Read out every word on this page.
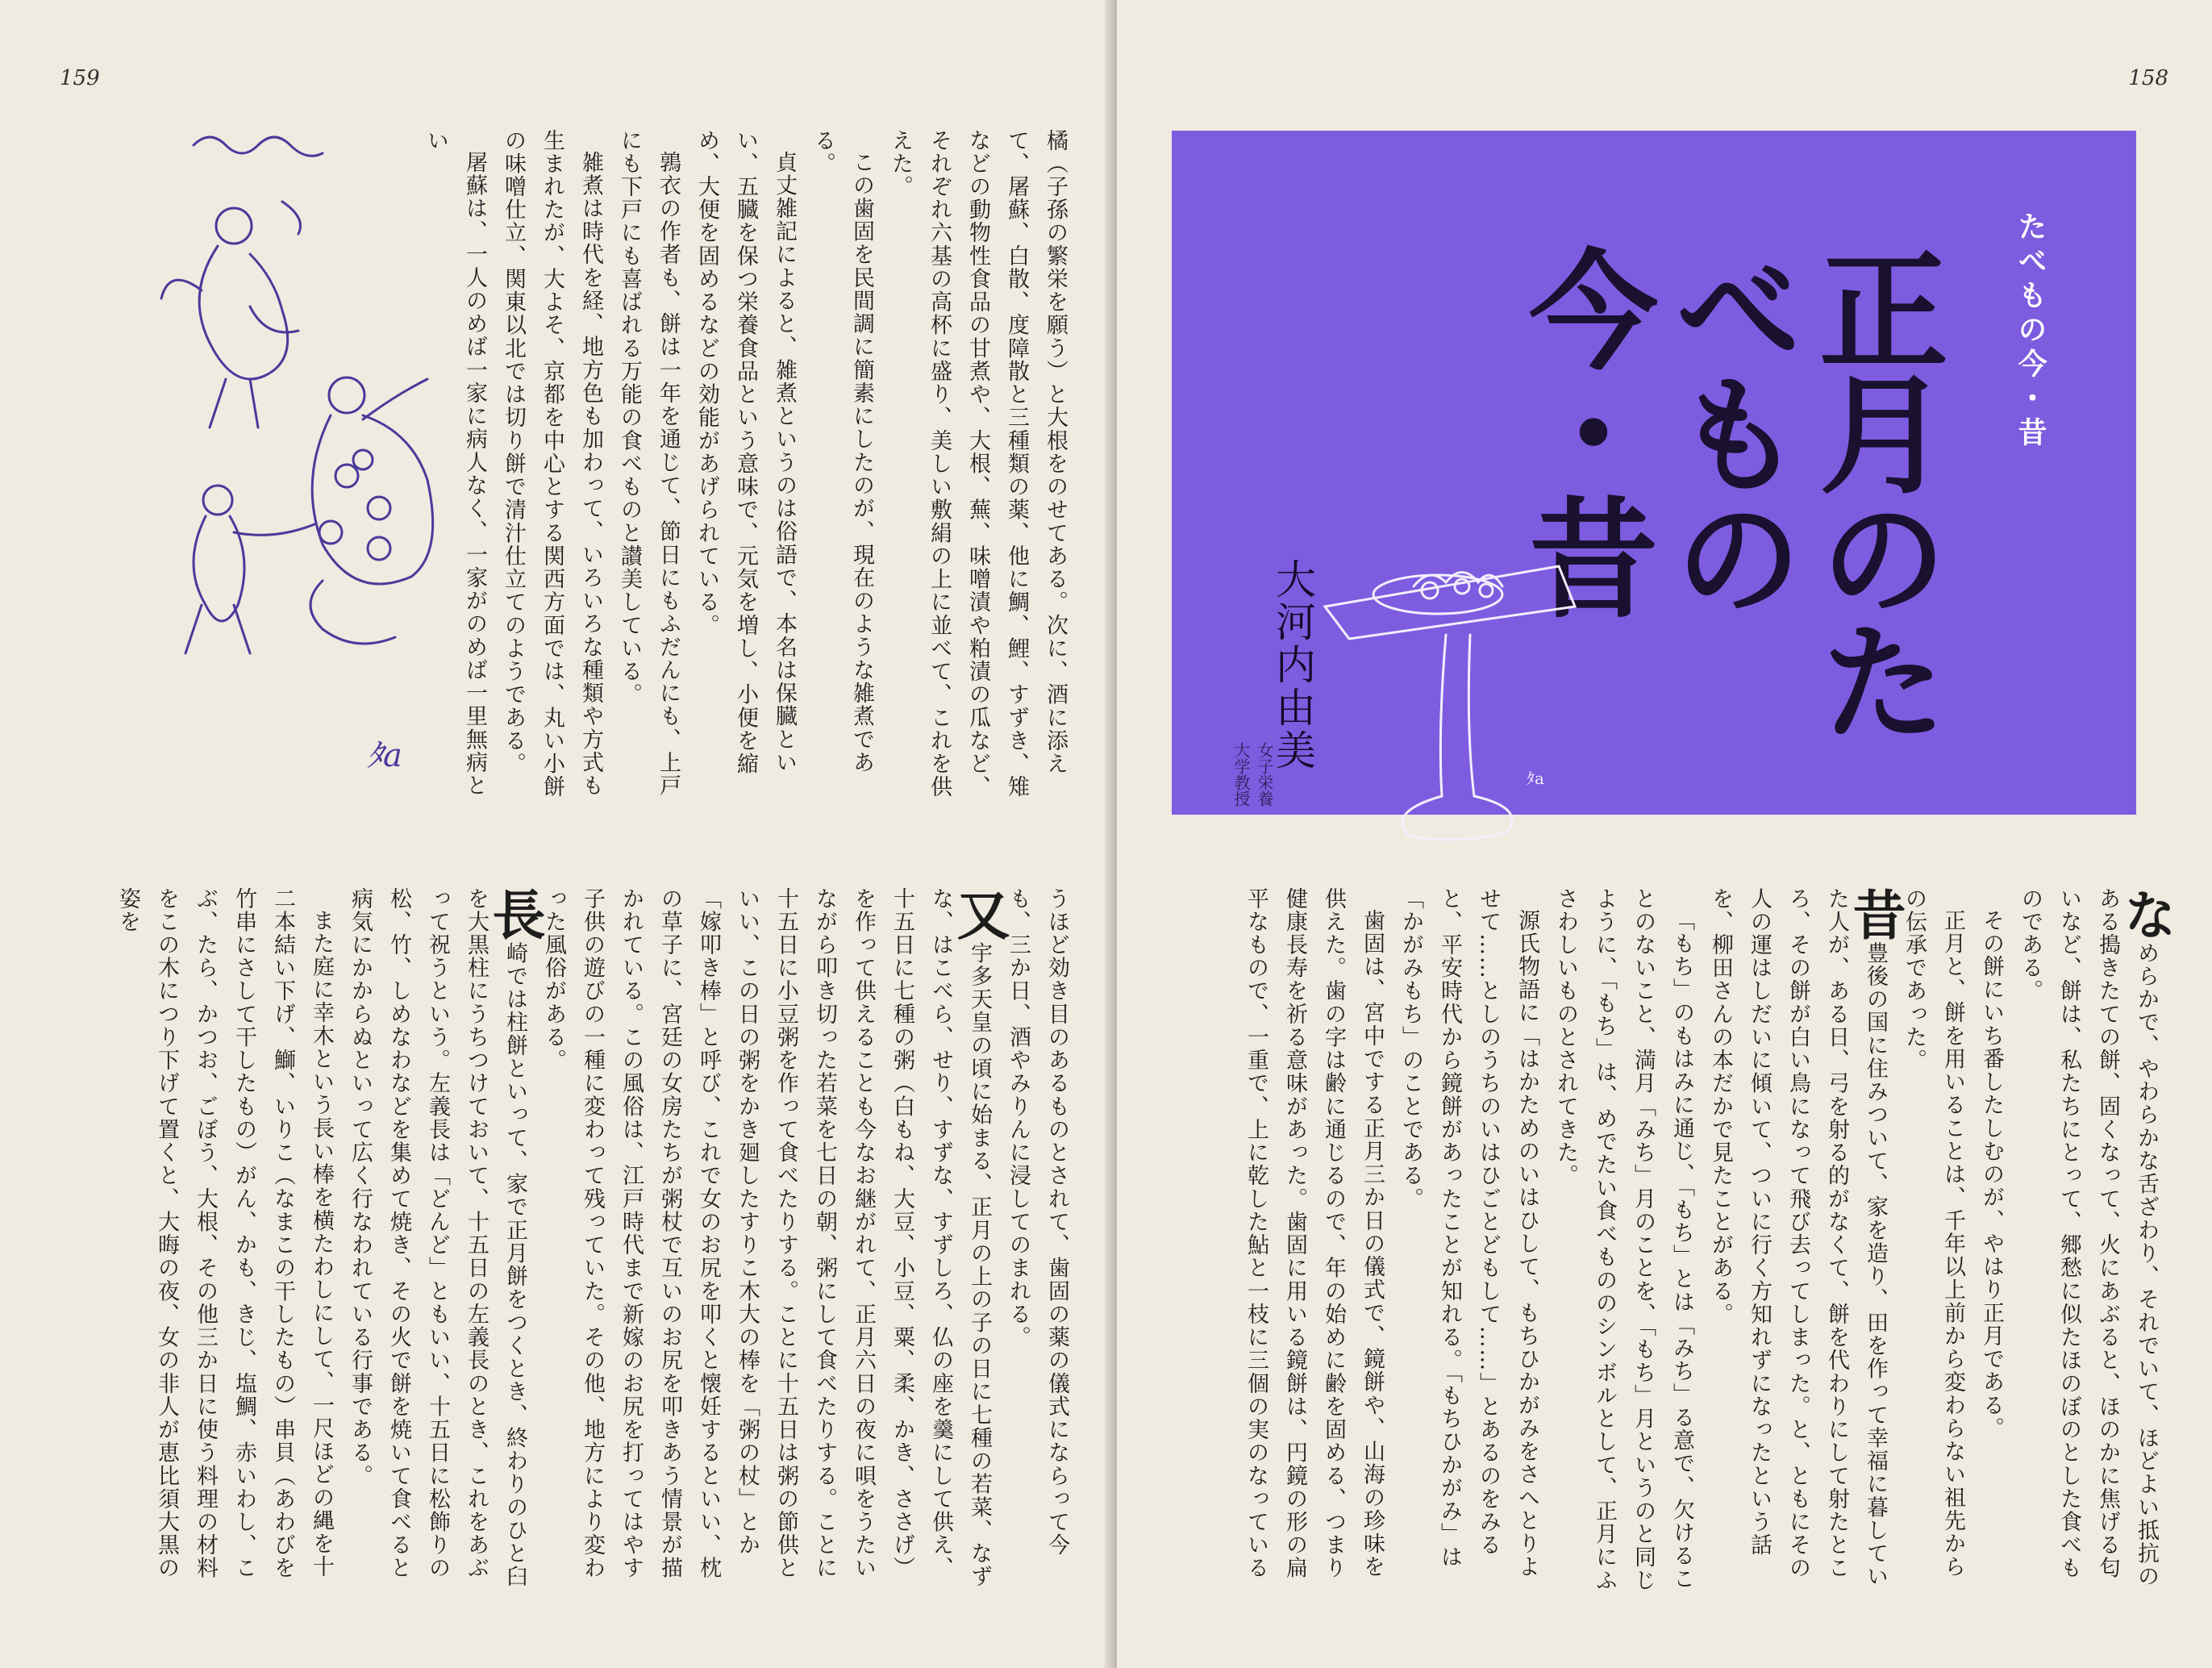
159
ﾀa	橘（子孫の繁栄を願う）と大根をのせてある。次に、酒に添えて、屠蘇、白散、度障散と三種類の薬、他に鯛、鯉、すずき、雉などの動物性食品の甘煮や、大根、蕪、味噌漬や粕漬の瓜など、それぞれ六基の高杯に盛り、美しい敷絹の上に並べて、これを供えた。
この歯固を民間調に簡素にしたのが、現在のような雑煮である。
貞丈雑記によると、雑煮というのは俗語で、本名は保臓といい、五臓を保つ栄養食品という意味で、元気を増し、小便を縮め、大便を固めるなどの効能があげられている。
鶉衣の作者も、餅は一年を通じて、節日にもふだんにも、上戸にも下戸にも喜ばれる万能の食べものと讃美している。
雑煮は時代を経、地方色も加わって、いろいろな種類や方式も生まれたが、大よそ、京都を中心とする関西方面では、丸い小餅の味噌仕立、関東以北では切り餅で清汁仕立てのようである。
屠蘇は、一人のめば一家に病人なく、一家がのめば一里無病とい
うほど効き目のあるものとされて、歯固の薬の儀式にならって今も、三か日、酒やみりんに浸してのまれる。
又宇多天皇の頃に始まる、正月の上の子の日に七種の若菜、なずな、はこべら、せり、すずな、すずしろ、仏の座を羹にして供え、十五日に七種の粥（白もね、大豆、小豆、粟、柔、かき、ささげ）を作って供えることも今なお継がれて、正月六日の夜に唄をうたいながら叩き切った若菜を七日の朝、粥にして食べたりする。ことに十五日に小豆粥を作って食べたりする。ことに十五日は粥の節供といい、この日の粥をかき廻したすりこ木大の棒を「粥の杖」とか「嫁叩き棒」と呼び、これで女のお尻を叩くと懐妊するといい、枕の草子に、宮廷の女房たちが粥杖で互いのお尻を叩きあう情景が描かれている。この風俗は、江戸時代まで新嫁のお尻を打ってはやす子供の遊びの一種に変わって残っていた。その他、地方により変わった風俗がある。
長崎では柱餅といって、家で正月餅をつくとき、終わりのひと臼を大黒柱にうちつけておいて、十五日の左義長のとき、これをあぶって祝うという。左義長は「どんど」ともいい、十五日に松飾りの松、竹、しめなわなどを集めて焼き、その火で餅を焼いて食べると病気にかからぬといって広く行なわれている行事である。
また庭に幸木という長い棒を横たわしにして、一尺ほどの縄を十二本結い下げ、鰤、いりこ（なまこの干したもの）串貝（あわびを竹串にさして干したもの）がん、かも、きじ、塩鯛、赤いわし、こぶ、たら、かつお、ごぼう、大根、その他三か日に使う料理の材料をこの木につり下げて置くと、大晦の夜、女の非人が恵比須大黒の姿を
158
たべもの今・昔
正月のたべもの今・昔
ﾀa
大河内由美
女子栄養大学教授
なめらかで、やわらかな舌ざわり、それでいて、ほどよい抵抗のある搗きたての餅、固くなって、火にあぶると、ほのかに焦げる匂いなど、餅は、私たちにとって、郷愁に似たほのぼのとした食べものである。
その餅にいち番したしむのが、やはり正月である。
正月と、餅を用いることは、千年以上前から変わらない祖先からの伝承であった。
昔豊後の国に住みついて、家を造り、田を作って幸福に暮していた人が、ある日、弓を射る的がなくて、餅を代わりにして射たところ、その餅が白い鳥になって飛び去ってしまった。と、ともにその人の運はしだいに傾いて、ついに行く方知れずになったという話を、柳田さんの本だかで見たことがある。
「もち」のもはみに通じ、「もち」とは「みち」る意で、欠けることのないこと、満月「みち」月のことを、「もち」月というのと同じように、「もち」は、めでたい食べもののシンボルとして、正月にふさわしいものとされてきた。
源氏物語に「はかためのいはひして、もちひかがみをさへとりよせて……としのうちのいはひごとどもして……」とあるのをみると、平安時代から鏡餅があったことが知れる。「もちひかがみ」は「かがみもち」のことである。
歯固は、宮中でする正月三か日の儀式で、鏡餅や、山海の珍味を供えた。歯の字は齢に通じるので、年の始めに齢を固める、つまり健康長寿を祈る意味があった。歯固に用いる鏡餅は、円鏡の形の扁平なもので、一重で、上に乾した鮎と一枝に三個の実のなっている
